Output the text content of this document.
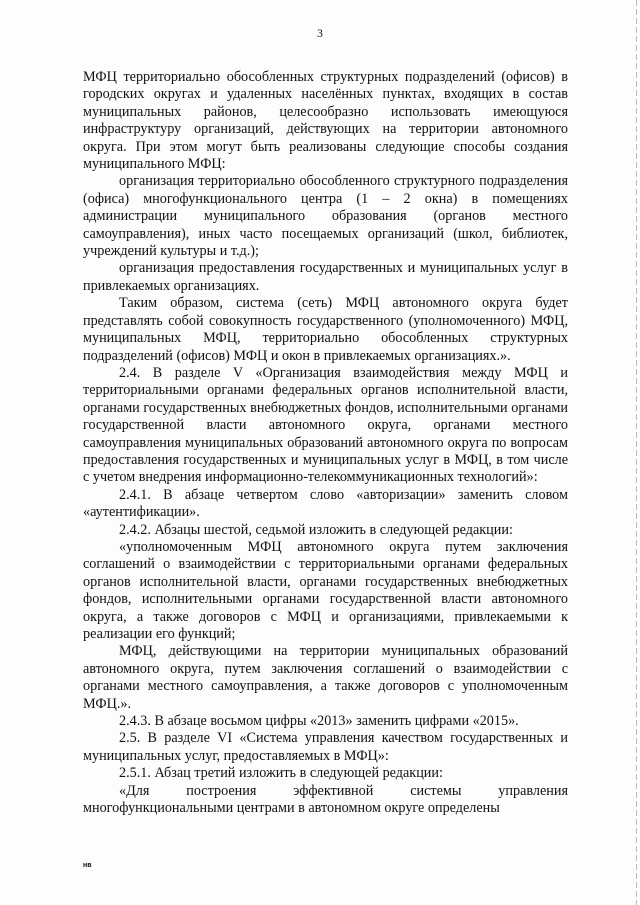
3

МФЦ территориально обособленных структурных подразделений (офисов) в городских округах и удаленных населённых пунктах, входящих в состав муниципальных районов, целесообразно использовать имеющуюся инфраструктуру организаций, действующих на территории автономного округа. При этом могут быть реализованы следующие способы создания муниципального МФЦ:

организация территориально обособленного структурного подразделения (офиса) многофункционального центра (1 – 2 окна) в помещениях администрации муниципального образования (органов местного самоуправления), иных часто посещаемых организаций (школ, библиотек, учреждений культуры и т.д.);

организация предоставления государственных и муниципальных услуг в привлекаемых организациях.

Таким образом, система (сеть) МФЦ автономного округа будет представлять собой совокупность государственного (уполномоченного) МФЦ, муниципальных МФЦ, территориально обособленных структурных подразделений (офисов) МФЦ и окон в привлекаемых организациях.».

2.4. В разделе V «Организация взаимодействия между МФЦ и территориальными органами федеральных органов исполнительной власти, органами государственных внебюджетных фондов, исполнительными органами государственной власти автономного округа, органами местного самоуправления муниципальных образований автономного округа по вопросам предоставления государственных и муниципальных услуг в МФЦ, в том числе с учетом внедрения информационно-телекоммуникационных технологий»:

2.4.1. В абзаце четвертом слово «авторизации» заменить словом «аутентификации».

2.4.2. Абзацы шестой, седьмой изложить в следующей редакции:

«уполномоченным МФЦ автономного округа путем заключения соглашений о взаимодействии с территориальными органами федеральных органов исполнительной власти, органами государственных внебюджетных фондов, исполнительными органами государственной власти автономного округа, а также договоров с МФЦ и организациями, привлекаемыми к реализации его функций;

МФЦ, действующими на территории муниципальных образований автономного округа, путем заключения соглашений о взаимодействии с органами местного самоуправления, а также договоров с уполномоченным МФЦ.».

2.4.3. В абзаце восьмом цифры «2013» заменить цифрами «2015».

2.5. В разделе VI «Система управления качеством государственных и муниципальных услуг, предоставляемых в МФЦ»:

2.5.1. Абзац третий изложить в следующей редакции:

«Для построения эффективной системы управления многофункциональными центрами в автономном округе определены

нв
